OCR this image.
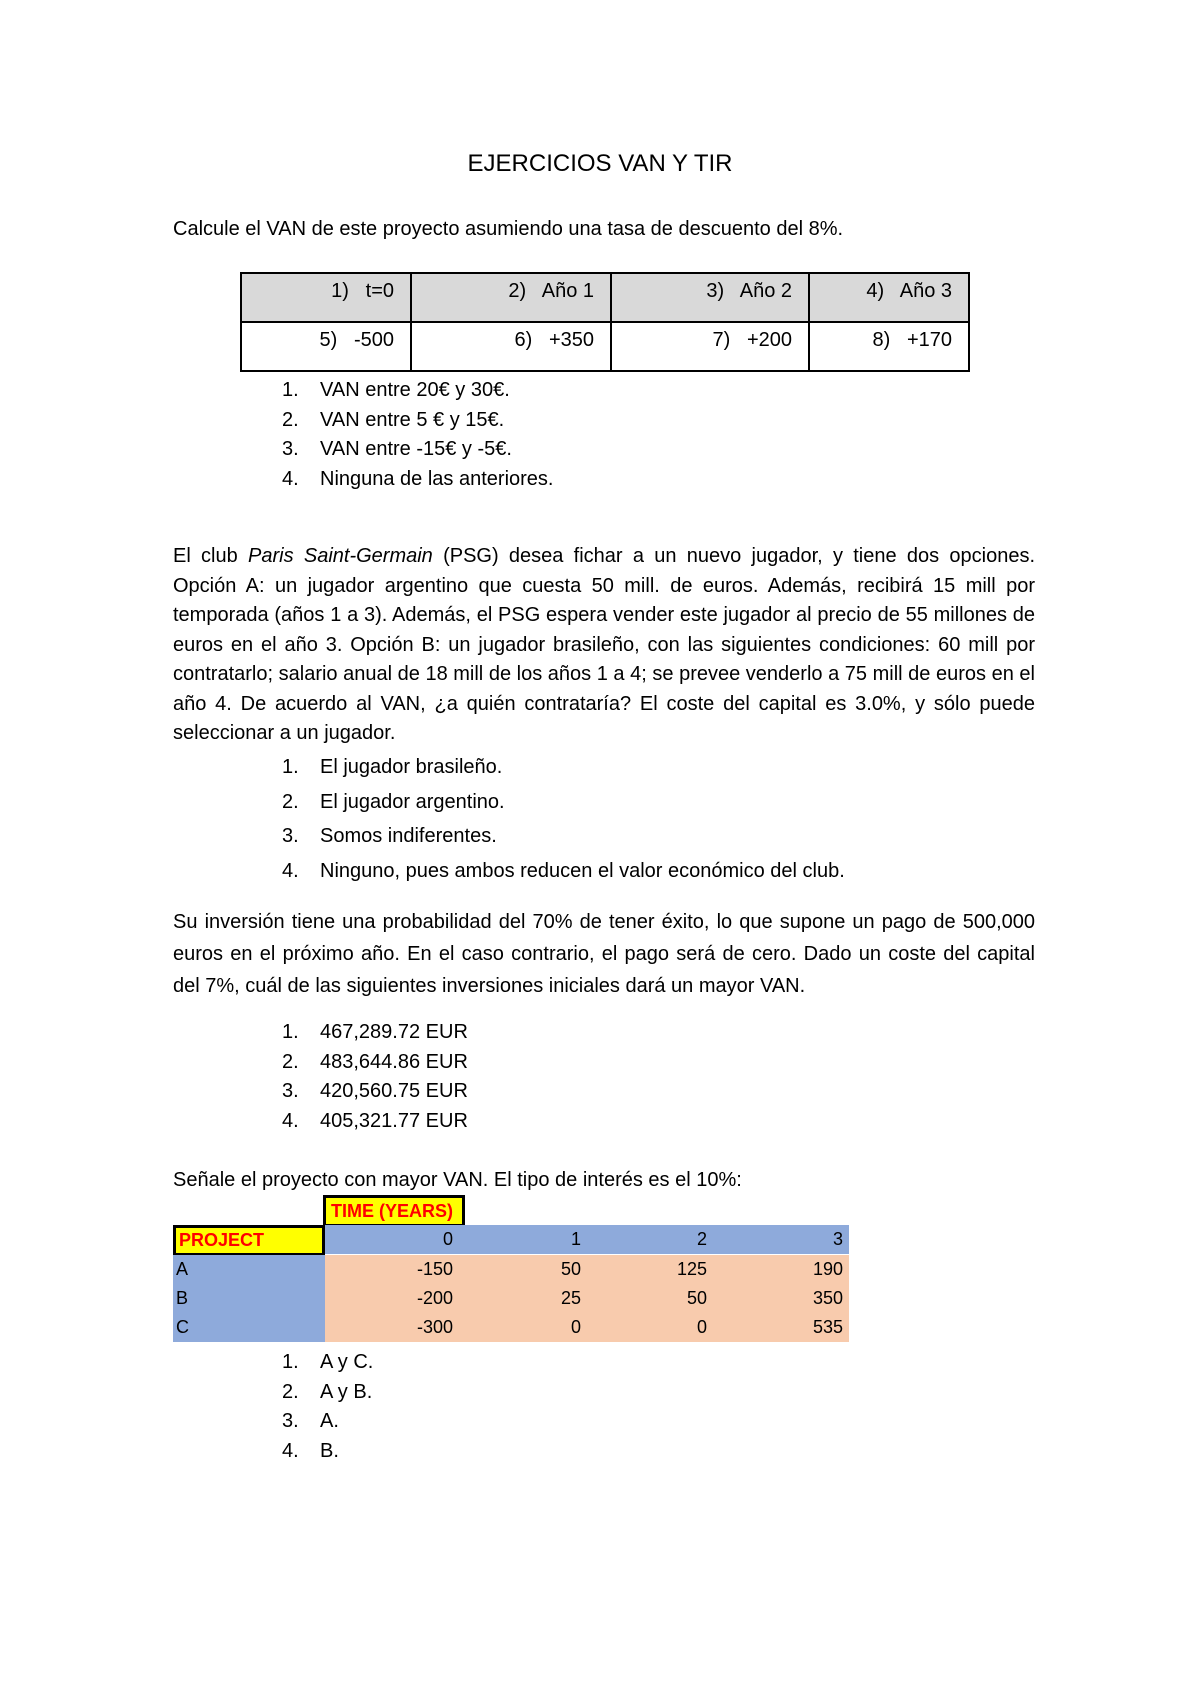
EJERCICIOS VAN Y TIR
Calcule el VAN de este proyecto asumiendo una tasa de descuento del 8%.
1) t=0	2) Año 1	3) Año 2	4) Año 3
5) -500	6) +350	7) +200	8) +170
1.	VAN entre 20€ y 30€.
2.	VAN entre 5 € y 15€.
3.	VAN entre -15€ y -5€.
4.	Ninguna de las anteriores.
El club Paris Saint-Germain (PSG) desea fichar a un nuevo jugador, y tiene dos opciones. Opción A: un jugador argentino que cuesta 50 mill. de euros. Además, recibirá 15 mill por temporada (años 1 a 3). Además, el PSG espera vender este jugador al precio de 55 millones de euros en el año 3. Opción B: un jugador brasileño, con las siguientes condiciones: 60 mill por contratarlo; salario anual de 18 mill de los años 1 a 4; se prevee venderlo a 75 mill de euros en el año 4. De acuerdo al VAN, ¿a quién contrataría? El coste del capital es 3.0%, y sólo puede seleccionar a un jugador.
1.	El jugador brasileño.
2.	El jugador argentino.
3.	Somos indiferentes.
4.	Ninguno, pues ambos reducen el valor económico del club.
Su inversión tiene una probabilidad del 70% de tener éxito, lo que supone un pago de 500,000 euros en el próximo año. En el caso contrario, el pago será de cero. Dado un coste del capital del 7%, cuál de las siguientes inversiones iniciales dará un mayor VAN.
1.	467,289.72 EUR
2.	483,644.86 EUR
3.	420,560.75 EUR
4.	405,321.77 EUR
Señale el proyecto con mayor VAN. El tipo de interés es el 10%:
TIME (YEARS)
PROJECT	0	1	2	3
A	-150	50	125	190
B	-200	25	50	350
C	-300	0	0	535
1.	A y C.
2.	A y B.
3.	A.
4.	B.
